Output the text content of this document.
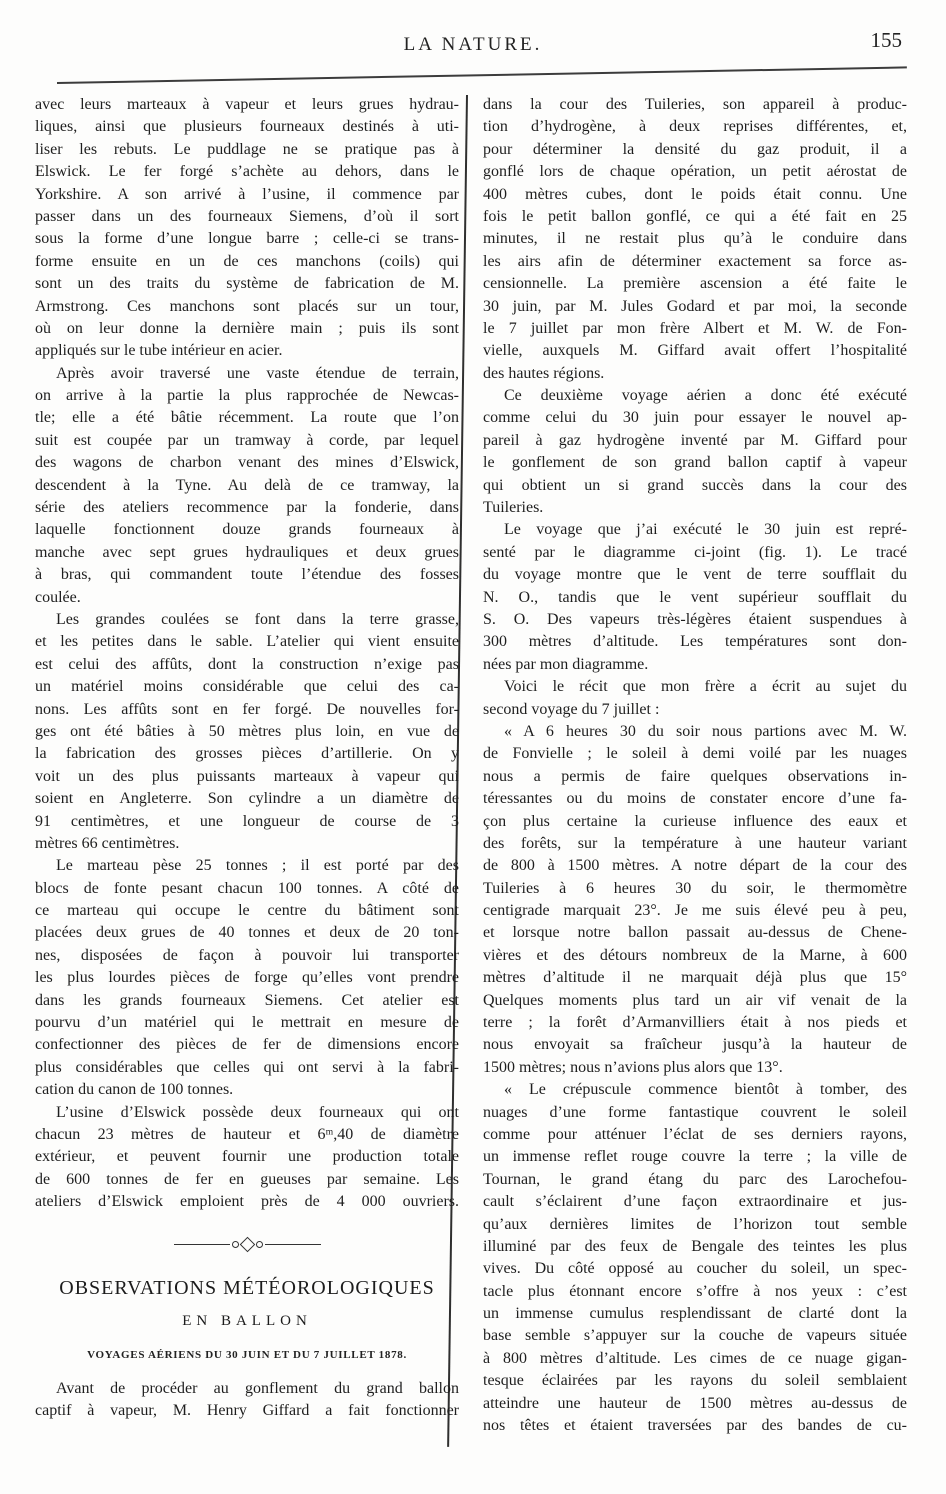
LA NATURE.	155
avec leurs marteaux à vapeur et leurs grues hydrau-
liques, ainsi que plusieurs fourneaux destinés à uti-
liser les rebuts. Le puddlage ne se pratique pas à
Elswick. Le fer forgé s’achète au dehors, dans le
Yorkshire. A son arrivé à l’usine, il commence par
passer dans un des fourneaux Siemens, d’où il sort
sous la forme d’une longue barre ; celle-ci se trans-
forme ensuite en un de ces manchons (coils) qui
sont un des traits du système de fabrication de M.
Armstrong. Ces manchons sont placés sur un tour,
où on leur donne la dernière main ; puis ils sont
appliqués sur le tube intérieur en acier.
Après avoir traversé une vaste étendue de terrain,
on arrive à la partie la plus rapprochée de Newcas-
tle; elle a été bâtie récemment. La route que l’on
suit est coupée par un tramway à corde, par lequel
des wagons de charbon venant des mines d’Elswick,
descendent à la Tyne. Au delà de ce tramway, la
série des ateliers recommence par la fonderie, dans
laquelle fonctionnent douze grands fourneaux à
manche avec sept grues hydrauliques et deux grues
à bras, qui commandent toute l’étendue des fosses
coulée.
Les grandes coulées se font dans la terre grasse,
et les petites dans le sable. L’atelier qui vient ensuite
est celui des affûts, dont la construction n’exige pas
un matériel moins considérable que celui des ca-
nons. Les affûts sont en fer forgé. De nouvelles for-
ges ont été bâties à 50 mètres plus loin, en vue de
la fabrication des grosses pièces d’artillerie. On y
voit un des plus puissants marteaux à vapeur qui
soient en Angleterre. Son cylindre a un diamètre de
91 centimètres, et une longueur de course de 3
mètres 66 centimètres.
Le marteau pèse 25 tonnes ; il est porté par des
blocs de fonte pesant chacun 100 tonnes. A côté de
ce marteau qui occupe le centre du bâtiment sont
placées deux grues de 40 tonnes et deux de 20 ton-
nes, disposées de façon à pouvoir lui transporter
les plus lourdes pièces de forge qu’elles vont prendre
dans les grands fourneaux Siemens. Cet atelier est
pourvu d’un matériel qui le mettrait en mesure de
confectionner des pièces de fer de dimensions encore
plus considérables que celles qui ont servi à la fabri-
cation du canon de 100 tonnes.
L’usine d’Elswick possède deux fourneaux qui ont
chacun 23 mètres de hauteur et 6ᵐ,40 de diamètre
extérieur, et peuvent fournir une production totale
de 600 tonnes de fer en gueuses par semaine. Les
ateliers d’Elswick emploient près de 4 000 ouvriers.
OBSERVATIONS MÉTÉOROLOGIQUES
EN BALLON
VOYAGES AÉRIENS DU 30 JUIN ET DU 7 JUILLET 1878.
Avant de procéder au gonflement du grand ballon
captif à vapeur, M. Henry Giffard a fait fonctionner
dans la cour des Tuileries, son appareil à produc-
tion d’hydrogène, à deux reprises différentes, et,
pour déterminer la densité du gaz produit, il a
gonflé lors de chaque opération, un petit aérostat de
400 mètres cubes, dont le poids était connu. Une
fois le petit ballon gonflé, ce qui a été fait en 25
minutes, il ne restait plus qu’à le conduire dans
les airs afin de déterminer exactement sa force as-
censionnelle. La première ascension a été faite le
30 juin, par M. Jules Godard et par moi, la seconde
le 7 juillet par mon frère Albert et M. W. de Fon-
vielle, auxquels M. Giffard avait offert l’hospitalité
des hautes régions.
Ce deuxième voyage aérien a donc été exécuté
comme celui du 30 juin pour essayer le nouvel ap-
pareil à gaz hydrogène inventé par M. Giffard pour
le gonflement de son grand ballon captif à vapeur
qui obtient un si grand succès dans la cour des
Tuileries.
Le voyage que j’ai exécuté le 30 juin est repré-
senté par le diagramme ci-joint (fig. 1). Le tracé
du voyage montre que le vent de terre soufflait du
N. O., tandis que le vent supérieur soufflait du
S. O. Des vapeurs très-légères étaient suspendues à
300 mètres d’altitude. Les températures sont don-
nées par mon diagramme.
Voici le récit que mon frère a écrit au sujet du
second voyage du 7 juillet :
« A 6 heures 30 du soir nous partions avec M. W.
de Fonvielle ; le soleil à demi voilé par les nuages
nous a permis de faire quelques observations in-
téressantes ou du moins de constater encore d’une fa-
çon plus certaine la curieuse influence des eaux et
des forêts, sur la température à une hauteur variant
de 800 à 1500 mètres. A notre départ de la cour des
Tuileries à 6 heures 30 du soir, le thermomètre
centigrade marquait 23°. Je me suis élevé peu à peu,
et lorsque notre ballon passait au-dessus de Chene-
vières et des détours nombreux de la Marne, à 600
mètres d’altitude il ne marquait déjà plus que 15°
Quelques moments plus tard un air vif venait de la
terre ; la forêt d’Armanvilliers était à nos pieds et
nous envoyait sa fraîcheur jusqu’à la hauteur de
1500 mètres; nous n’avions plus alors que 13°.
« Le crépuscule commence bientôt à tomber, des
nuages d’une forme fantastique couvrent le soleil
comme pour atténuer l’éclat de ses derniers rayons,
un immense reflet rouge couvre la terre ; la ville de
Tournan, le grand étang du parc des Larochefou-
cault s’éclairent d’une façon extraordinaire et jus-
qu’aux dernières limites de l’horizon tout semble
illuminé par des feux de Bengale des teintes les plus
vives. Du côté opposé au coucher du soleil, un spec-
tacle plus étonnant encore s’offre à nos yeux : c’est
un immense cumulus resplendissant de clarté dont la
base semble s’appuyer sur la couche de vapeurs située
à 800 mètres d’altitude. Les cimes de ce nuage gigan-
tesque éclairées par les rayons du soleil semblaient
atteindre une hauteur de 1500 mètres au-dessus de
nos têtes et étaient traversées par des bandes de cu-
